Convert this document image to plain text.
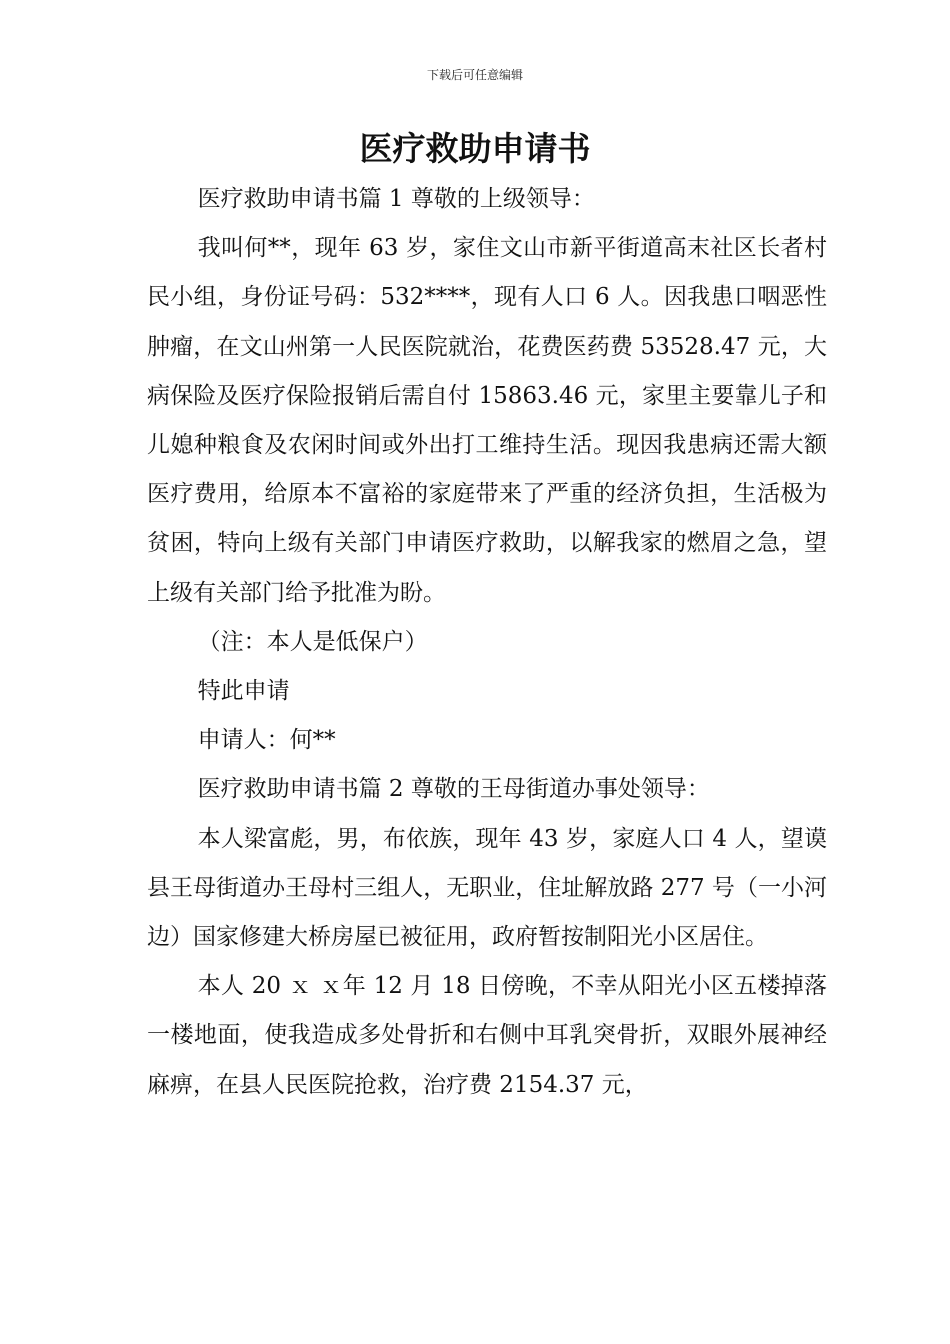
下载后可任意编辑
医疗救助申请书

医疗救助申请书篇 1 尊敬的上级领导：

我叫何**，现年 63 岁，家住文山市新平街道高末社区长者村民小组，身份证号码：532****，现有人口 6 人。因我患口咽恶性肿瘤，在文山州第一人民医院就治，花费医药费 53528.47 元，大病保险及医疗保险报销后需自付 15863.46 元，家里主要靠儿子和儿媳种粮食及农闲时间或外出打工维持生活。现因我患病还需大额医疗费用，给原本不富裕的家庭带来了严重的经济负担，生活极为贫困，特向上级有关部门申请医疗救助，以解我家的燃眉之急，望上级有关部门给予批准为盼。

（注：本人是低保户）

特此申请

申请人：何**

医疗救助申请书篇 2 尊敬的王母街道办事处领导：

本人梁富彪，男，布依族，现年 43 岁，家庭人口 4 人，望谟县王母街道办王母村三组人，无职业，住址解放路 277 号（一小河边）国家修建大桥房屋已被征用，政府暂按制阳光小区居住。

本人 20 ｘ ｘ年 12 月 18 日傍晚，不幸从阳光小区五楼掉落一楼地面，使我造成多处骨折和右侧中耳乳突骨折，双眼外展神经麻痹，在县人民医院抢救，治疗费 2154.37 元，
